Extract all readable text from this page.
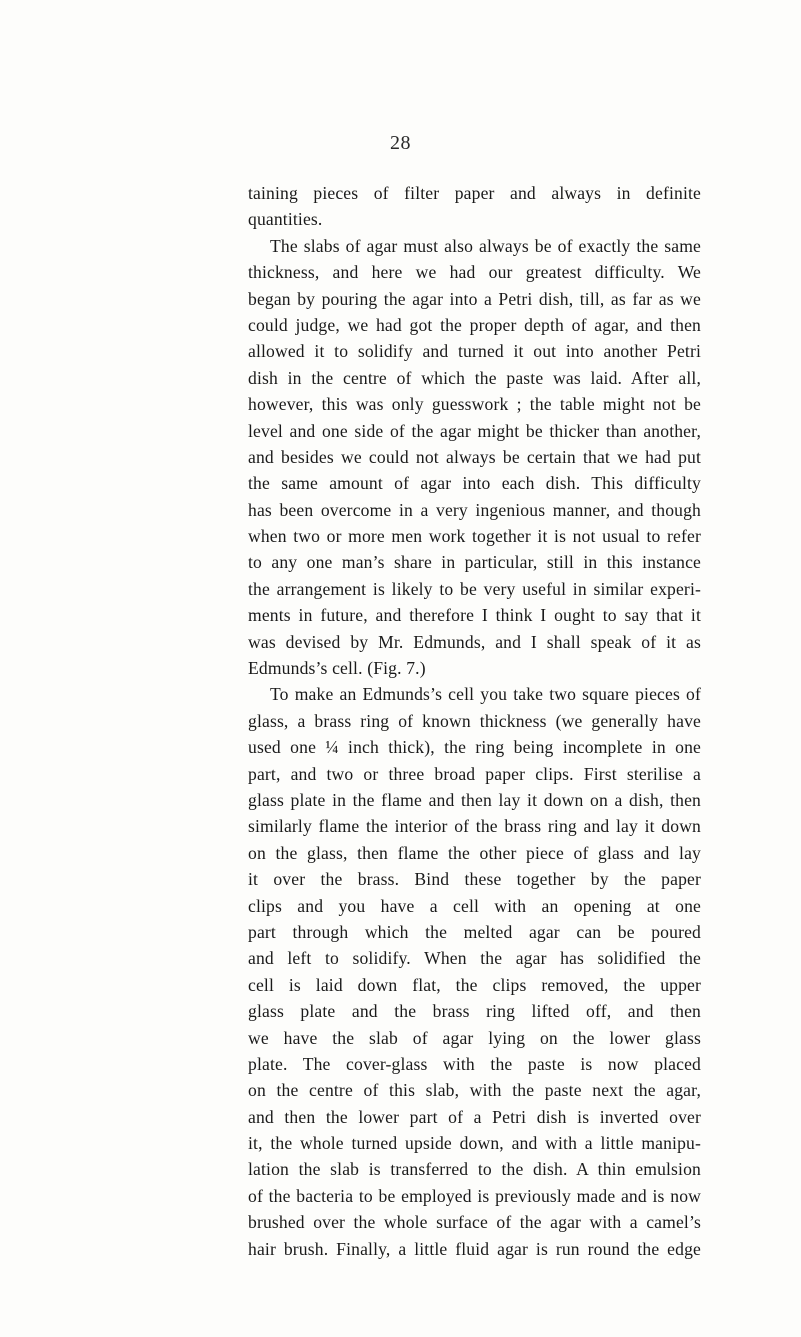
28
taining pieces of filter paper and always in definite
quantities.
The slabs of agar must also always be of exactly the same
thickness, and here we had our greatest difficulty. We
began by pouring the agar into a Petri dish, till, as far as we
could judge, we had got the proper depth of agar, and then
allowed it to solidify and turned it out into another Petri
dish in the centre of which the paste was laid. After all,
however, this was only guesswork ; the table might not be
level and one side of the agar might be thicker than another,
and besides we could not always be certain that we had put
the same amount of agar into each dish. This difficulty
has been overcome in a very ingenious manner, and though
when two or more men work together it is not usual to refer
to any one man’s share in particular, still in this instance
the arrangement is likely to be very useful in similar experi-
ments in future, and therefore I think I ought to say that it
was devised by Mr. Edmunds, and I shall speak of it as
Edmunds’s cell. (Fig. 7.)
To make an Edmunds’s cell you take two square pieces of
glass, a brass ring of known thickness (we generally have
used one ¼ inch thick), the ring being incomplete in one
part, and two or three broad paper clips. First sterilise a
glass plate in the flame and then lay it down on a dish, then
similarly flame the interior of the brass ring and lay it down
on the glass, then flame the other piece of glass and lay
it over the brass. Bind these together by the paper
clips and you have a cell with an opening at one
part through which the melted agar can be poured
and left to solidify. When the agar has solidified the
cell is laid down flat, the clips removed, the upper
glass plate and the brass ring lifted off, and then
we have the slab of agar lying on the lower glass
plate. The cover-glass with the paste is now placed
on the centre of this slab, with the paste next the agar,
and then the lower part of a Petri dish is inverted over
it, the whole turned upside down, and with a little manipu-
lation the slab is transferred to the dish. A thin emulsion
of the bacteria to be employed is previously made and is now
brushed over the whole surface of the agar with a camel’s
hair brush. Finally, a little fluid agar is run round the edge
